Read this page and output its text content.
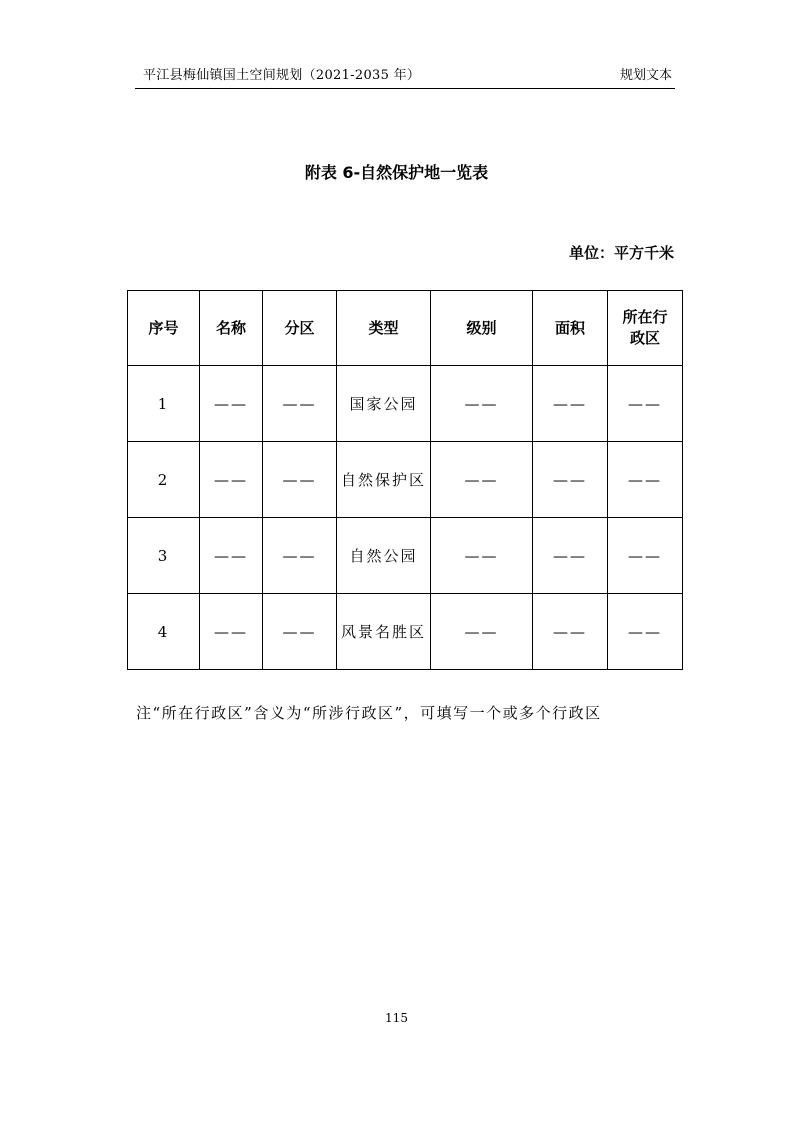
平江县梅仙镇国土空间规划（2021-2035 年）	规划文本
附表 6-自然保护地一览表
单位：平方千米
序号	名称	分区	类型	级别	面积	所在行政区
1	——	——	国家公园	——	——	——
2	——	——	自然保护区	——	——	——
3	——	——	自然公园	——	——	——
4	——	——	风景名胜区	——	——	——
注“所在行政区”含义为“所涉行政区”，可填写一个或多个行政区
115
